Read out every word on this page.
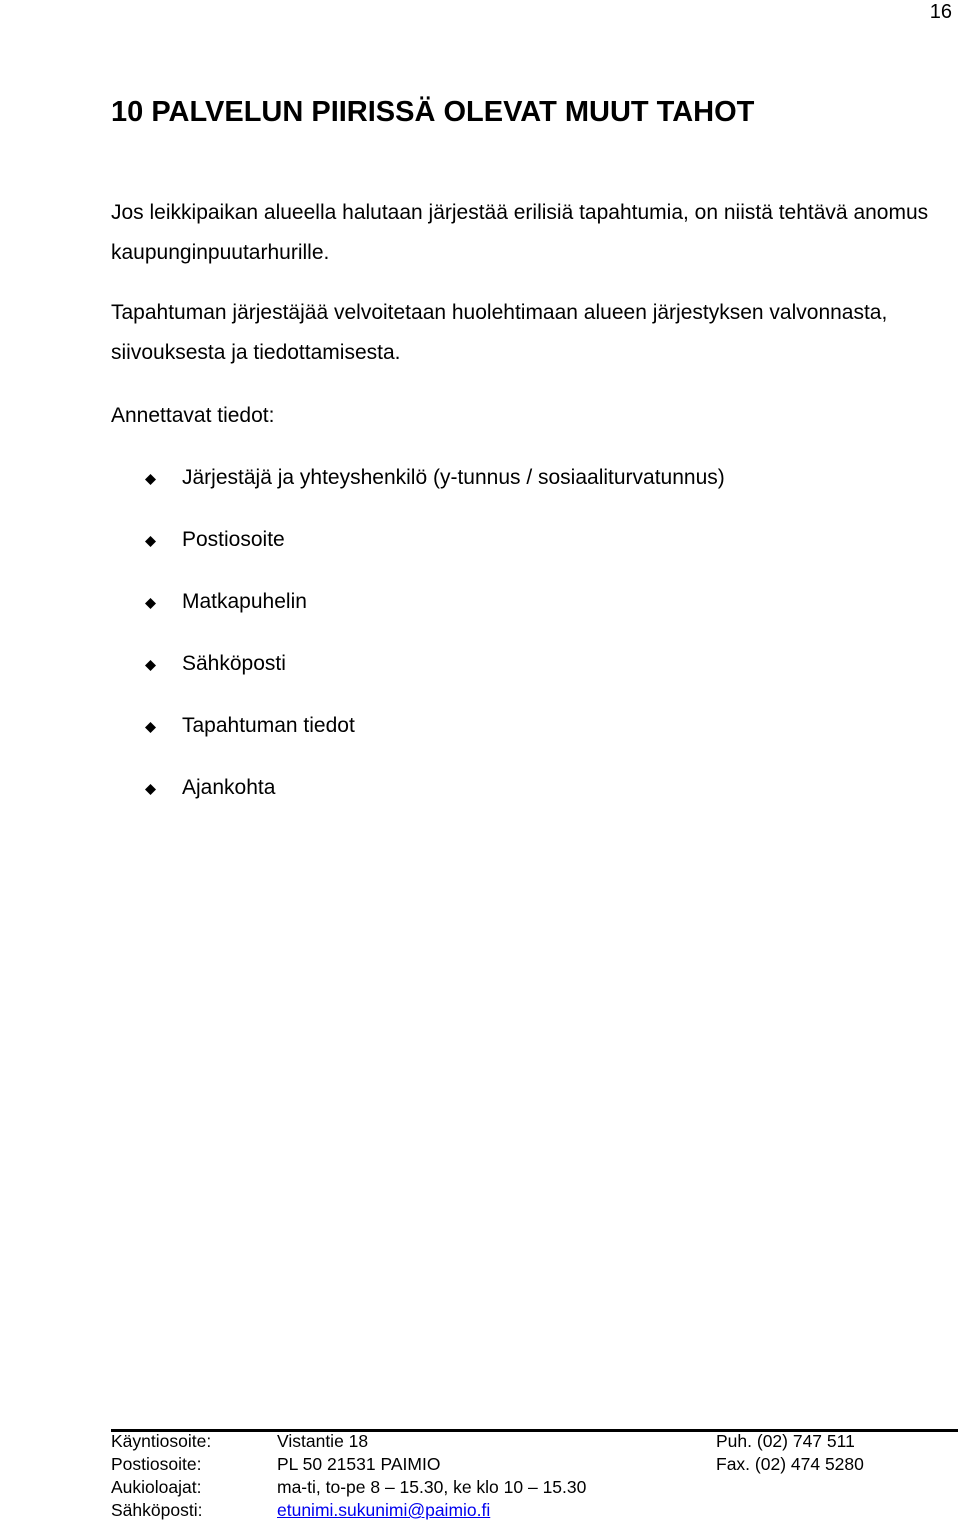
16
10 PALVELUN PIIRISSÄ OLEVAT MUUT TAHOT

Jos leikkipaikan alueella halutaan järjestää erilisiä tapahtumia, on niistä tehtävä anomus kaupunginpuutarhurille.

Tapahtuman järjestäjää velvoitetaan huolehtimaan alueen järjestyksen valvonnasta, siivouksesta ja tiedottamisesta.

Annettavat tiedot:

Järjestäjä ja yhteyshenkilö (y-tunnus / sosiaaliturvatunnus)
Postiosoite
Matkapuhelin
Sähköposti
Tapahtuman tiedot
Ajankohta
Käyntiosoite:	Vistantie 18	Puh. (02) 747 511
Postiosoite:	PL 50 21531 PAIMIO	Fax. (02) 474 5280
Aukioloajat:	ma-ti, to-pe 8 – 15.30, ke klo 10 – 15.30
Sähköposti:	etunimi.sukunimi@paimio.fi
